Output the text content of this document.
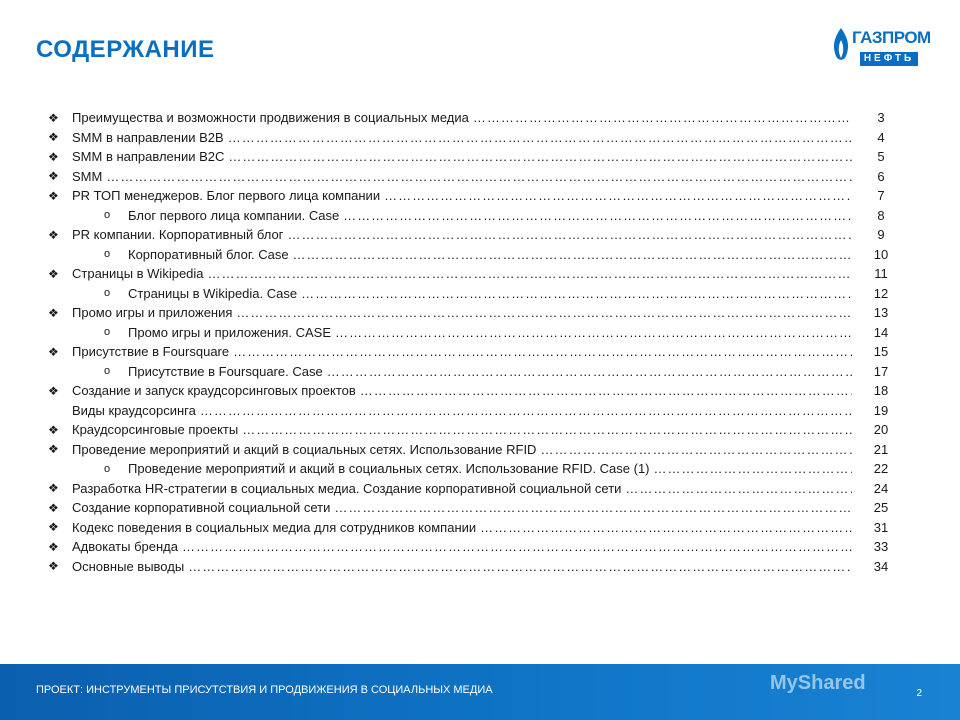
СОДЕРЖАНИЕ	ГАЗПРОМ
НЕФТЬ
❖	Преимущества и возможности продвижения в социальных медиа ……………………………………………………………………………………………………………………………………………………………………………………………………………………………………………………………………	3
❖	SMM в направлении B2B ……………………………………………………………………………………………………………………………………………………………………………………………………………………………………………………………………	4
❖	SMM в направлении B2C ……………………………………………………………………………………………………………………………………………………………………………………………………………………………………………………………………	5
❖	SMM ……………………………………………………………………………………………………………………………………………………………………………………………………………………………………………………………………	6
❖	PR ТОП менеджеров. Блог первого лица компании ……………………………………………………………………………………………………………………………………………………………………………………………………………………………………………………………………	7
o	Блог первого лица компании. Case ……………………………………………………………………………………………………………………………………………………………………………………………………………………………………………………………………	8
❖	PR компании. Корпоративный блог ……………………………………………………………………………………………………………………………………………………………………………………………………………………………………………………………………	9
o	Корпоративный блог. Case ……………………………………………………………………………………………………………………………………………………………………………………………………………………………………………………………………	10
❖	Страницы в Wikipedia ……………………………………………………………………………………………………………………………………………………………………………………………………………………………………………………………………	11
o	Страницы в Wikipedia. Case ……………………………………………………………………………………………………………………………………………………………………………………………………………………………………………………………………	12
❖	Промо игры и приложения ……………………………………………………………………………………………………………………………………………………………………………………………………………………………………………………………………	13
o	Промо игры и приложения. CASE ……………………………………………………………………………………………………………………………………………………………………………………………………………………………………………………………………	14
❖	Присутствие в Foursquare ……………………………………………………………………………………………………………………………………………………………………………………………………………………………………………………………………	15
o	Присутствие в Foursquare. Case ……………………………………………………………………………………………………………………………………………………………………………………………………………………………………………………………………	17
❖	Создание и запуск краудсорсинговых проектов ……………………………………………………………………………………………………………………………………………………………………………………………………………………………………………………………………	18
Виды краудсорсинга ……………………………………………………………………………………………………………………………………………………………………………………………………………………………………………………………………	19
❖	Краудсорсинговые проекты ……………………………………………………………………………………………………………………………………………………………………………………………………………………………………………………………………	20
❖	Проведение мероприятий и акций в социальных сетях. Использование RFID ……………………………………………………………………………………………………………………………………………………………………………………………………………………………………………………………………	21
o	Проведение мероприятий и акций в социальных сетях. Использование RFID. Case (1) ……………………………………………………………………………………………………………………………………………………………………………………………………………………………………………………………………	22
❖	Разработка HR-стратегии в социальных медиа. Создание корпоративной социальной сети ……………………………………………………………………………………………………………………………………………………………………………………………………………………………………………………………………	24
❖	Создание корпоративной социальной сети ……………………………………………………………………………………………………………………………………………………………………………………………………………………………………………………………………	25
❖	Кодекс поведения в социальных медиа для сотрудников компании ……………………………………………………………………………………………………………………………………………………………………………………………………………………………………………………………………	31
❖	Адвокаты бренда ……………………………………………………………………………………………………………………………………………………………………………………………………………………………………………………………………	33
❖	Основные выводы ……………………………………………………………………………………………………………………………………………………………………………………………………………………………………………………………………	34
MyShared
ПРОЕКТ: ИНСТРУМЕНТЫ ПРИСУТСТВИЯ И ПРОДВИЖЕНИЯ В СОЦИАЛЬНЫХ МЕДИА	2
